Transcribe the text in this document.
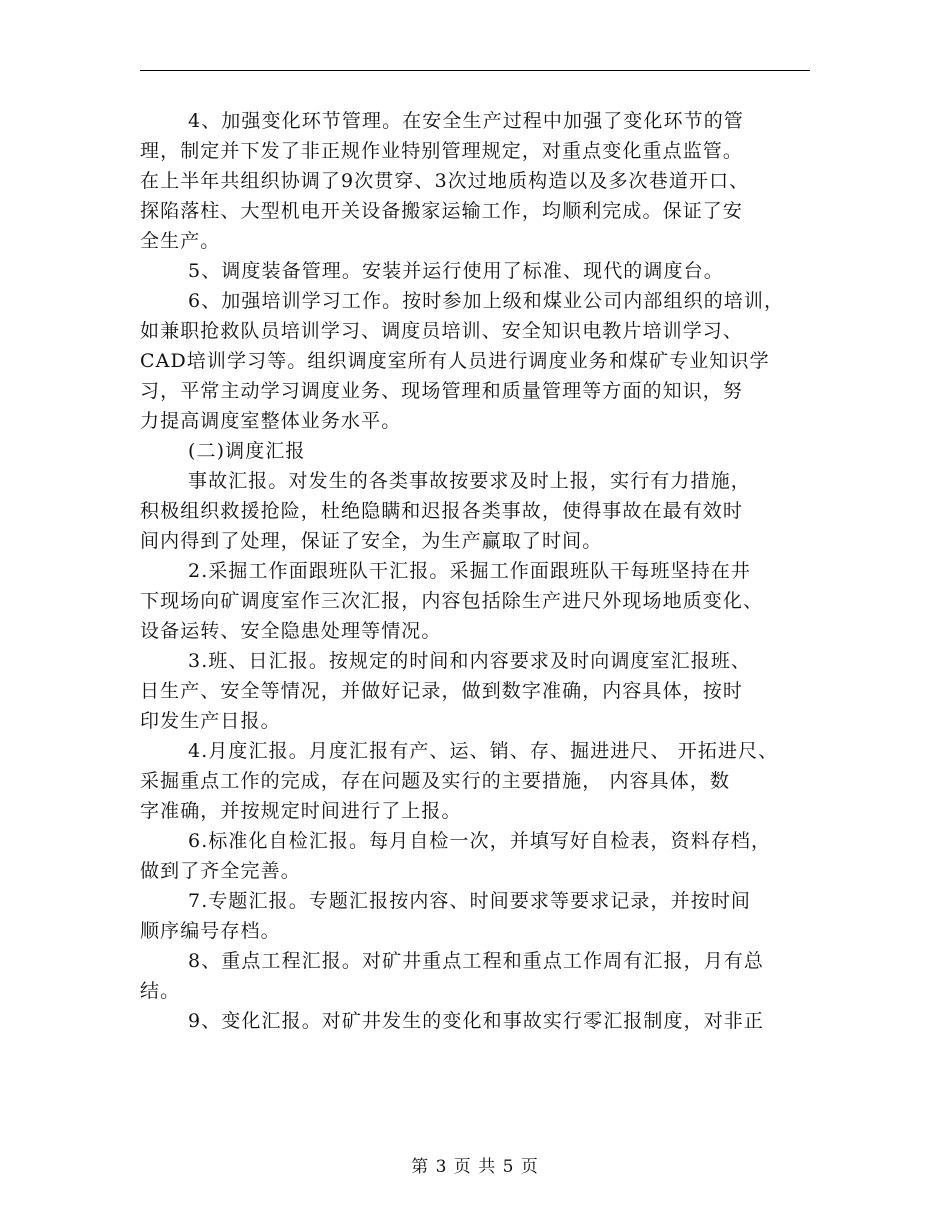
4、加强变化环节管理。在安全生产过程中加强了变化环节的管
理，制定并下发了非正规作业特别管理规定，对重点变化重点监管。
在上半年共组织协调了9次贯穿、3次过地质构造以及多次巷道开口、
探陷落柱、大型机电开关设备搬家运输工作，均顺利完成。保证了安
全生产。
5、调度装备管理。安装并运行使用了标准、现代的调度台。
6、加强培训学习工作。按时参加上级和煤业公司内部组织的培训，
如兼职抢救队员培训学习、调度员培训、安全知识电教片培训学习、
CAD培训学习等。组织调度室所有人员进行调度业务和煤矿专业知识学
习，平常主动学习调度业务、现场管理和质量管理等方面的知识，努
力提高调度室整体业务水平。
(二)调度汇报
事故汇报。对发生的各类事故按要求及时上报，实行有力措施，
积极组织救援抢险，杜绝隐瞒和迟报各类事故，使得事故在最有效时
间内得到了处理，保证了安全，为生产赢取了时间。
2.采掘工作面跟班队干汇报。采掘工作面跟班队干每班坚持在井
下现场向矿调度室作三次汇报，内容包括除生产进尺外现场地质变化、
设备运转、安全隐患处理等情况。
3.班、日汇报。按规定的时间和内容要求及时向调度室汇报班、
日生产、安全等情况，并做好记录，做到数字准确，内容具体，按时
印发生产日报。
4.月度汇报。月度汇报有产、运、销、存、掘进进尺、 开拓进尺、
采掘重点工作的完成，存在问题及实行的主要措施， 内容具体，数
字准确，并按规定时间进行了上报。
6.标准化自检汇报。每月自检一次，并填写好自检表，资料存档，
做到了齐全完善。
7.专题汇报。专题汇报按内容、时间要求等要求记录，并按时间
顺序编号存档。
8、重点工程汇报。对矿井重点工程和重点工作周有汇报，月有总
结。
9、变化汇报。对矿井发生的变化和事故实行零汇报制度，对非正
第 3 页 共 5 页
